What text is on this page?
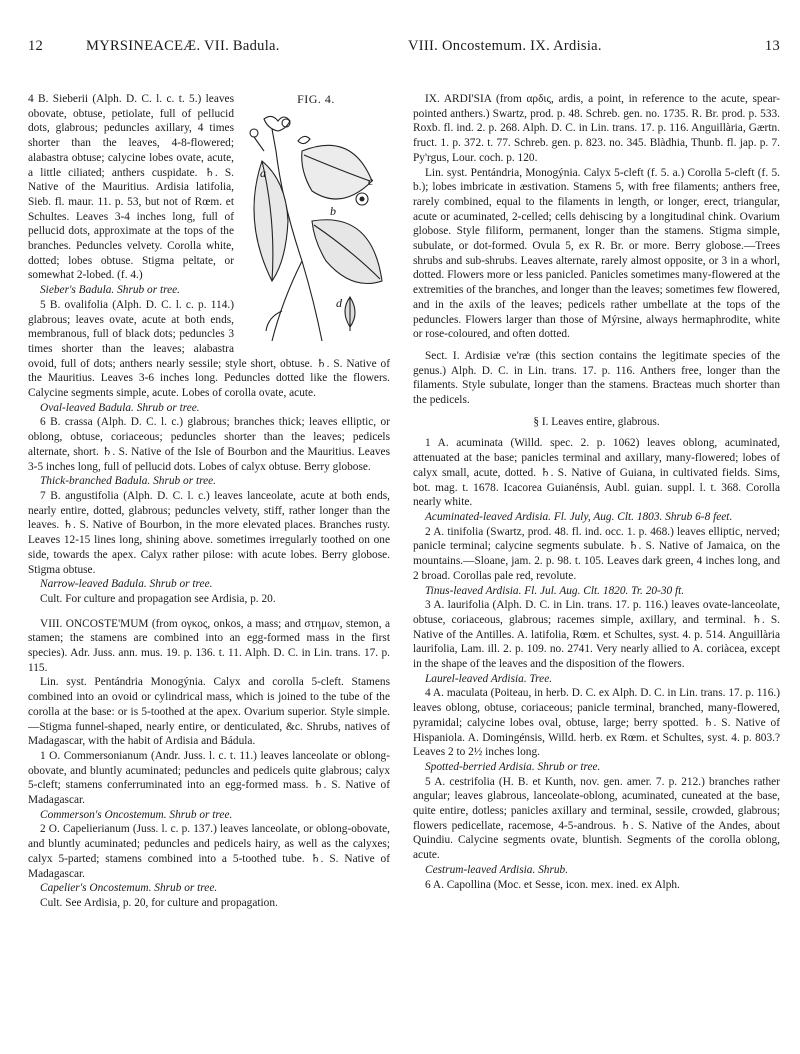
12	MYRSINEACEÆ. VII. Badula.	VIII. Oncostemum. IX. Ardisia.	13
FIG. 4.
a
b
c
d

4 B. Sieberii (Alph. D. C. l. c. t. 5.) leaves obovate, obtuse, petiolate, full of pellucid dots, glabrous; peduncles axillary, 4 times shorter than the leaves, 4-8-flowered; alabastra obtuse; calycine lobes ovate, acute, a little ciliated; anthers cuspidate. ♄. S. Native of the Mauritius. Ardisia latifolia, Sieb. fl. maur. 11. p. 53, but not of Rœm. et Schultes. Leaves 3-4 inches long, full of pellucid dots, approximate at the tops of the branches. Peduncles velvety. Corolla white, dotted; lobes obtuse. Stigma peltate, or somewhat 2-lobed. (f. 4.)

Sieber's Badula. Shrub or tree.

5 B. ovalifolia (Alph. D. C. l. c. p. 114.) glabrous; leaves ovate, acute at both ends, membranous, full of black dots; peduncles 3 times shorter than the leaves; alabastra ovoid, full of dots; anthers nearly sessile; style short, obtuse. ♄. S. Native of the Mauritius. Leaves 3-6 inches long. Peduncles dotted like the flowers. Calycine segments simple, acute. Lobes of corolla ovate, acute.

Oval-leaved Badula. Shrub or tree.

6 B. crassa (Alph. D. C. l. c.) glabrous; branches thick; leaves elliptic, or oblong, obtuse, coriaceous; peduncles shorter than the leaves; pedicels alternate, short. ♄. S. Native of the Isle of Bourbon and the Mauritius. Leaves 3-5 inches long, full of pellucid dots. Lobes of calyx obtuse. Berry globose.

Thick-branched Badula. Shrub or tree.

7 B. angustifolia (Alph. D. C. l. c.) leaves lanceolate, acute at both ends, nearly entire, dotted, glabrous; peduncles velvety, stiff, rather longer than the leaves. ♄. S. Native of Bourbon, in the more elevated places. Branches rusty. Leaves 12-15 lines long, shining above. sometimes irregularly toothed on one side, towards the apex. Calyx rather pilose: with acute lobes. Berry globose. Stigma obtuse.

Narrow-leaved Badula. Shrub or tree.

Cult. For culture and propagation see Ardisia, p. 20.

VIII. ONCOSTE'MUM (from ογκος, onkos, a mass; and στημων, stemon, a stamen; the stamens are combined into an egg-formed mass in the first species). Adr. Juss. ann. mus. 19. p. 136. t. 11. Alph. D. C. in Lin. trans. 17. p. 115.

Lin. syst. Pentándria Monogýnia. Calyx and corolla 5-cleft. Stamens combined into an ovoid or cylindrical mass, which is joined to the tube of the corolla at the base: or is 5-toothed at the apex. Ovarium superior. Style simple.—Stigma funnel-shaped, nearly entire, or denticulated, &c. Shrubs, natives of Madagascar, with the habit of Ardisia and Bádula.

1 O. Commersonianum (Andr. Juss. l. c. t. 11.) leaves lanceolate or oblong-obovate, and bluntly acuminated; peduncles and pedicels quite glabrous; calyx 5-cleft; stamens conferruminated into an egg-formed mass. ♄. S. Native of Madagascar.

Commerson's Oncostemum. Shrub or tree.

2 O. Capelierianum (Juss. l. c. p. 137.) leaves lanceolate, or oblong-obovate, and bluntly acuminated; peduncles and pedicels hairy, as well as the calyxes; calyx 5-parted; stamens combined into a 5-toothed tube. ♄. S. Native of Madagascar.

Capelier's Oncostemum. Shrub or tree.

Cult. See Ardisia, p. 20, for culture and propagation.

IX. ARDI'SIA (from αρδις, ardis, a point, in reference to the acute, spear-pointed anthers.) Swartz, prod. p. 48. Schreb. gen. no. 1735. R. Br. prod. p. 533. Roxb. fl. ind. 2. p. 268. Alph. D. C. in Lin. trans. 17. p. 116. Anguillària, Gærtn. fruct. 1. p. 372. t. 77. Schreb. gen. p. 823. no. 345. Blàdhia, Thunb. fl. jap. p. 7. Py'rgus, Lour. coch. p. 120.

Lin. syst. Pentándria, Monogýnia. Calyx 5-cleft (f. 5. a.) Corolla 5-cleft (f. 5. b.); lobes imbricate in æstivation. Stamens 5, with free filaments; anthers free, rarely combined, equal to the filaments in length, or longer, erect, triangular, acute or acuminated, 2-celled; cells dehiscing by a longitudinal chink. Ovarium globose. Style filiform, permanent, longer than the stamens. Stigma simple, subulate, or dot-formed. Ovula 5, ex R. Br. or more. Berry globose.—Trees shrubs and sub-shrubs. Leaves alternate, rarely almost opposite, or 3 in a whorl, dotted. Flowers more or less panicled. Panicles sometimes many-flowered at the extremities of the branches, and longer than the leaves; sometimes few flowered, and in the axils of the leaves; pedicels rather umbellate at the tops of the peduncles. Flowers larger than those of Mýrsine, always hermaphrodite, white or rose-coloured, and often dotted.

Sect. I. Ardisiæ ve'ræ (this section contains the legitimate species of the genus.) Alph. D. C. in Lin. trans. 17. p. 116. Anthers free, longer than the filaments. Style subulate, longer than the stamens. Bracteas much shorter than the pedicels.

§ I. Leaves entire, glabrous.

1 A. acuminata (Willd. spec. 2. p. 1062) leaves oblong, acuminated, attenuated at the base; panicles terminal and axillary, many-flowered; lobes of calyx small, acute, dotted. ♄. S. Native of Guiana, in cultivated fields. Sims, bot. mag. t. 1678. Icacorea Guianénsis, Aubl. guian. suppl. l. t. 368. Corolla nearly white.

Acuminated-leaved Ardisia. Fl. July, Aug. Clt. 1803. Shrub 6-8 feet.

2 A. tinifolia (Swartz, prod. 48. fl. ind. occ. 1. p. 468.) leaves elliptic, nerved; panicle terminal; calycine segments subulate. ♄. S. Native of Jamaica, on the mountains.—Sloane, jam. 2. p. 98. t. 105. Leaves dark green, 4 inches long, and 2 broad. Corollas pale red, revolute.

Tinus-leaved Ardisia. Fl. Jul. Aug. Clt. 1820. Tr. 20-30 ft.

3 A. laurifolia (Alph. D. C. in Lin. trans. 17. p. 116.) leaves ovate-lanceolate, obtuse, coriaceous, glabrous; racemes simple, axillary, and terminal. ♄. S. Native of the Antilles. A. latifolia, Rœm. et Schultes, syst. 4. p. 514. Anguillària laurifolia, Lam. ill. 2. p. 109. no. 2741. Very nearly allied to A. coriàcea, except in the shape of the leaves and the disposition of the flowers.

Laurel-leaved Ardisia. Tree.

4 A. maculata (Poiteau, in herb. D. C. ex Alph. D. C. in Lin. trans. 17. p. 116.) leaves oblong, obtuse, coriaceous; panicle terminal, branched, many-flowered, pyramidal; calycine lobes oval, obtuse, large; berry spotted. ♄. S. Native of Hispaniola. A. Domingénsis, Willd. herb. ex Rœm. et Schultes, syst. 4. p. 803.? Leaves 2 to 2½ inches long.

Spotted-berried Ardisia. Shrub or tree.

5 A. cestrifolia (H. B. et Kunth, nov. gen. amer. 7. p. 212.) branches rather angular; leaves glabrous, lanceolate-oblong, acuminated, cuneated at the base, quite entire, dotless; panicles axillary and terminal, sessile, crowded, glabrous; flowers pedicellate, racemose, 4-5-androus. ♄. S. Native of the Andes, about Quindiu. Calycine segments ovate, bluntish. Segments of the corolla oblong, acute.

Cestrum-leaved Ardisia. Shrub.

6 A. Capollina (Moc. et Sesse, icon. mex. ined. ex Alph.
